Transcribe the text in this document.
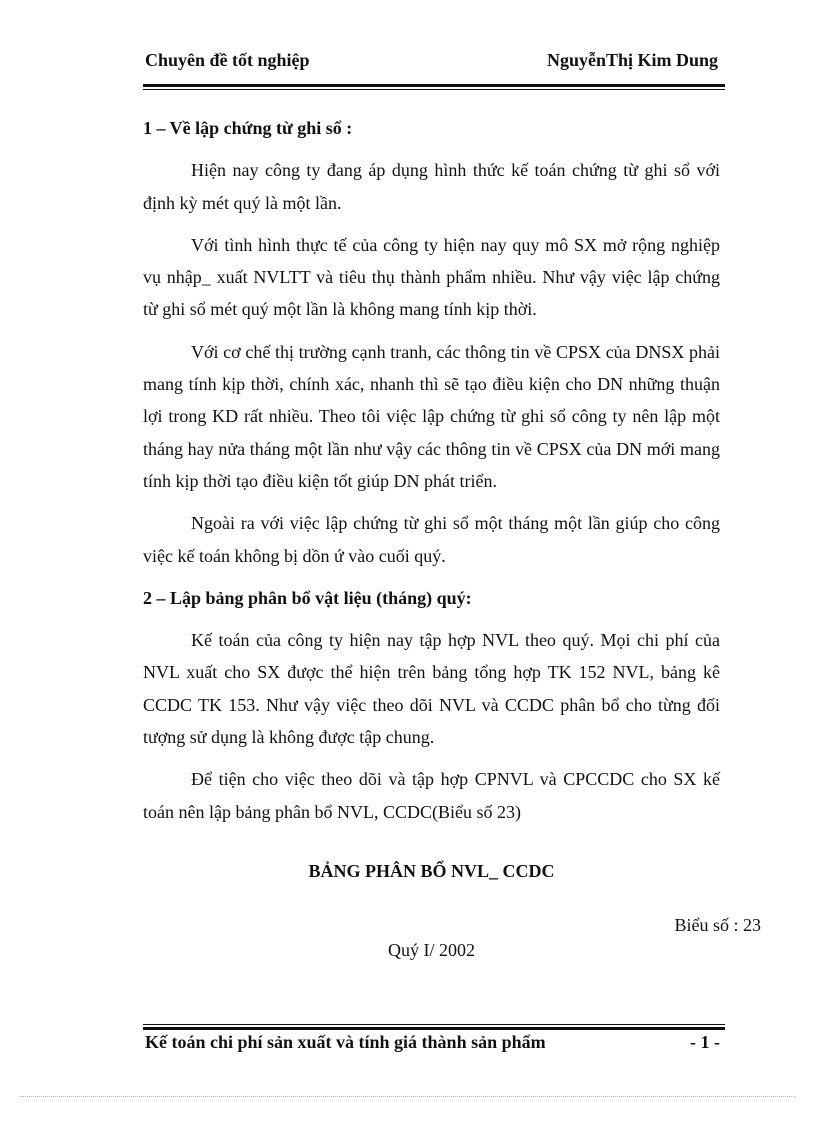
Chuyên đề tốt nghiệp	NguyễnThị Kim Dung

1 – Về lập chứng từ ghi sổ :

Hiện nay công ty đang áp dụng hình thức kế toán chứng từ ghi sổ với định kỳ mét quý là một lần.

Với tình hình thực tế của công ty hiện nay quy mô SX mở rộng nghiệp vụ nhập_ xuất NVLTT và tiêu thụ thành phẩm nhiều. Như vậy việc lập chứng từ ghi sổ mét quý một lần là không mang tính kịp thời.

Với cơ chế thị trường cạnh tranh, các thông tin về CPSX của DNSX phải mang tính kịp thời, chính xác, nhanh thì sẽ tạo điều kiện cho DN những thuận lợi trong KD rất nhiều. Theo tôi việc lập chứng từ ghi sổ công ty nên lập một tháng hay nửa tháng một lần như vậy các thông tin về CPSX của DN mới mang tính kịp thời tạo điều kiện tốt giúp DN phát triển.

Ngoài ra với việc lập chứng từ ghi sổ một tháng một lần giúp cho công việc kế toán không bị dồn ứ vào cuối quý.

2 – Lập bảng phân bổ vật liệu (tháng) quý:

Kế toán của công ty hiện nay tập hợp NVL theo quý. Mọi chi phí của NVL xuất cho SX được thể hiện trên bảng tổng hợp TK 152 NVL, bảng kê CCDC TK 153. Như vậy việc theo dõi NVL và CCDC phân bổ cho từng đối tượng sử dụng là không được tập chung.

Để tiện cho việc theo dõi và tập hợp CPNVL và CPCCDC cho SX kế toán nên lập bảng phân bổ NVL, CCDC(Biểu số 23)

BẢNG PHÂN BỔ NVL_ CCDC
Biểu số : 23
Quý I/ 2002
Kế toán chi phí sản xuất và tính giá thành sản phẩm	- 1 -
